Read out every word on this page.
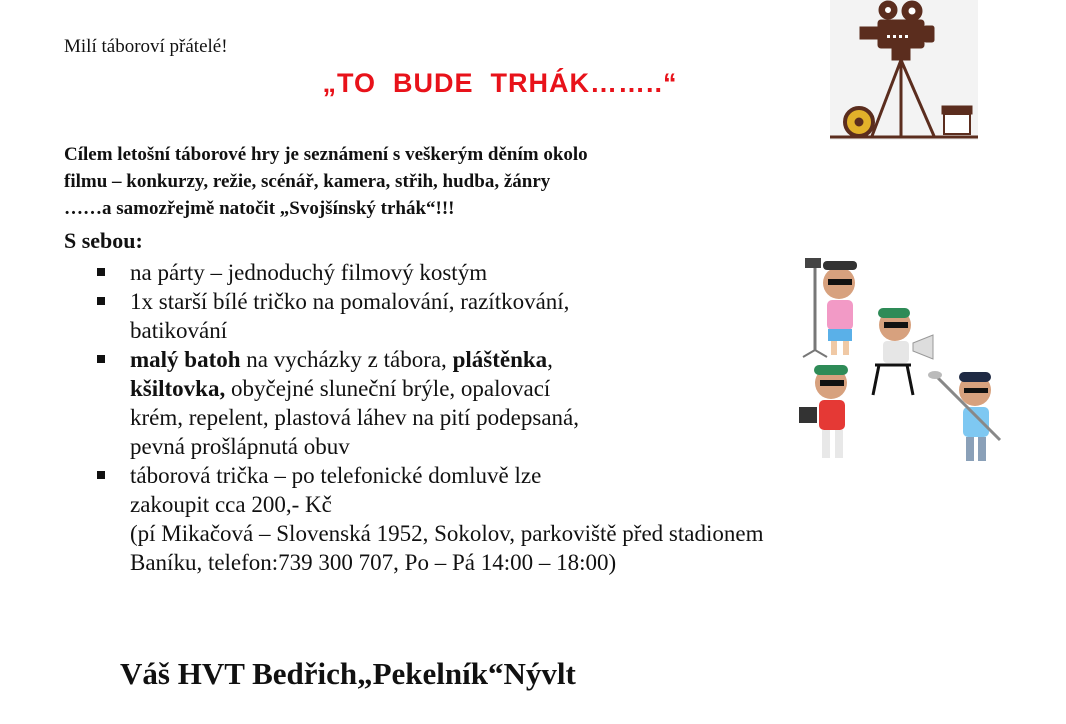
Milí táboroví přátelé!
„TO  BUDE  TRHÁK……..“
Cílem letošní táborové hry je seznámení s veškerým děním okolo
filmu – konkurzy, režie, scénář, kamera, střih, hudba, žánry
……a samozřejmě natočit „Svojšínský trhák“!!!
S sebou:
na párty – jednoduchý filmový kostým
1x starší bílé tričko na pomalování, razítkování,
batikování
malý batoh na vycházky z tábora, pláštěnka,
kšiltovka, obyčejné sluneční brýle, opalovací
krém, repelent, plastová láhev na pití podepsaná,
pevná prošlápnutá obuv
táborová trička – po telefonické domluvě lze
zakoupit cca 200,- Kč
(pí Mikačová – Slovenská 1952, Sokolov, parkoviště před stadionem
Baníku, telefon:739 300 707, Po – Pá 14:00 – 18:00)
Váš HVT Bedřich„Pekelník“Nývlt
